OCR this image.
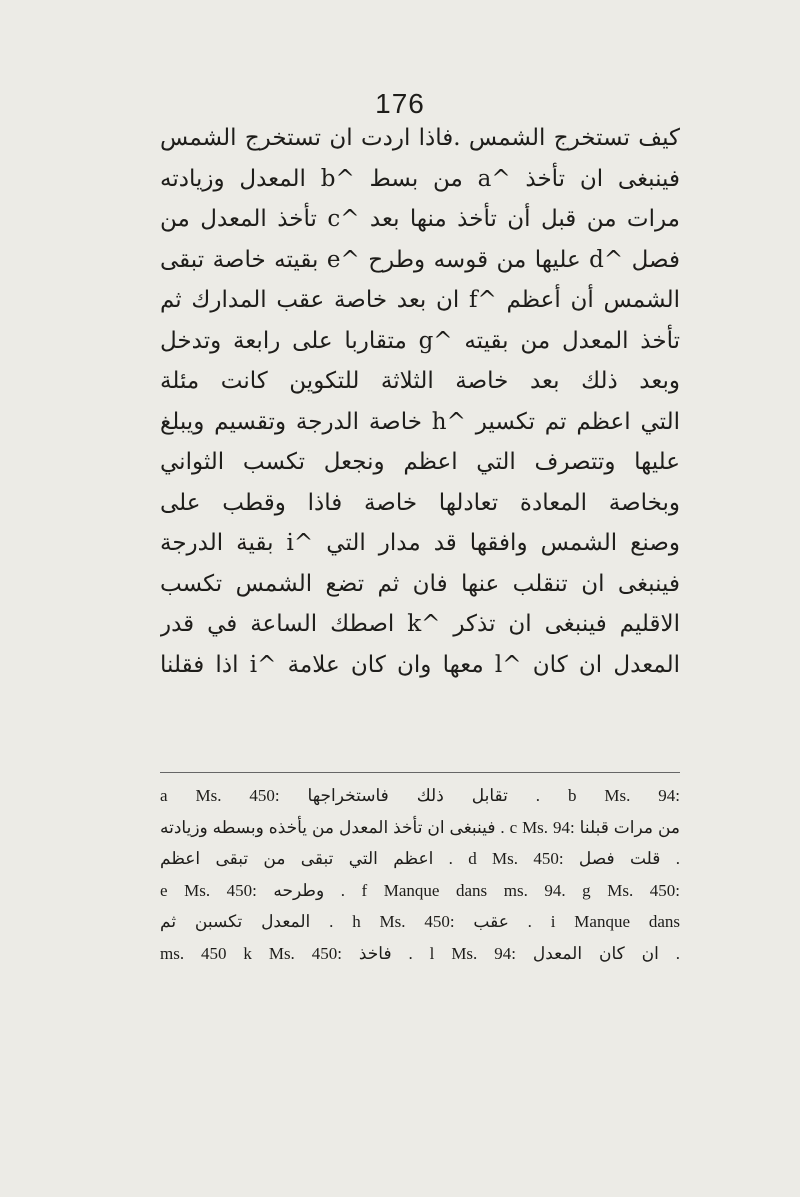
176
كيف تستخرج الشمس .فاذا اردت ان تستخرج الشمس
فينبغى ان تأخذ ^a من بسط ^b المعدل وزيادته
مرات من قبل أن تأخذ منها بعد ^c تأخذ المعدل من
فصل ^d عليها من قوسه وطرح ^e بقيته خاصة تبقى
الشمس أن أعظم ^f ان بعد خاصة عقب المدارك ثم
تأخذ المعدل من بقيته ^g متقاربا على رابعة وتدخل
وبعد ذلك بعد خاصة الثلاثة للتكوين كانت مئلة
التي اعظم تم تكسير ^h خاصة الدرجة وتقسيم ويبلغ
عليها وتتصرف التي اعظم ونجعل تكسب الثواني
وبخاصة المعادة تعادلها خاصة فاذا وقطب على
وصنع الشمس وافقها قد مدار التي ^i بقية الدرجة
فينبغى ان تنقلب عنها فان ثم تضع الشمس تكسب
الاقليم فينبغى ان تذكر ^k اصطك الساعة في قدر
المعدل ان كان ^l معها وان كان علامة ^i اذا فقلنا
a Ms. 450: تقابل ذلك فاستخراجها . b Ms. 94:
فينبغى ان تأخذ المعدل من يأخذه وبسطه وزيادته . c Ms. 94: من مرات قبلنا
اعظم التي تبقى من تبقى اعظم . d Ms. 450: قلت فصل .
e Ms. 450: وطرحه . f Manque dans ms. 94. g Ms. 450:
المعدل تكسبن ثم . h Ms. 450: عقب . i Manque dans
ms. 450 k Ms. 450: فاخذ . l Ms. 94: ان كان المعدل .
